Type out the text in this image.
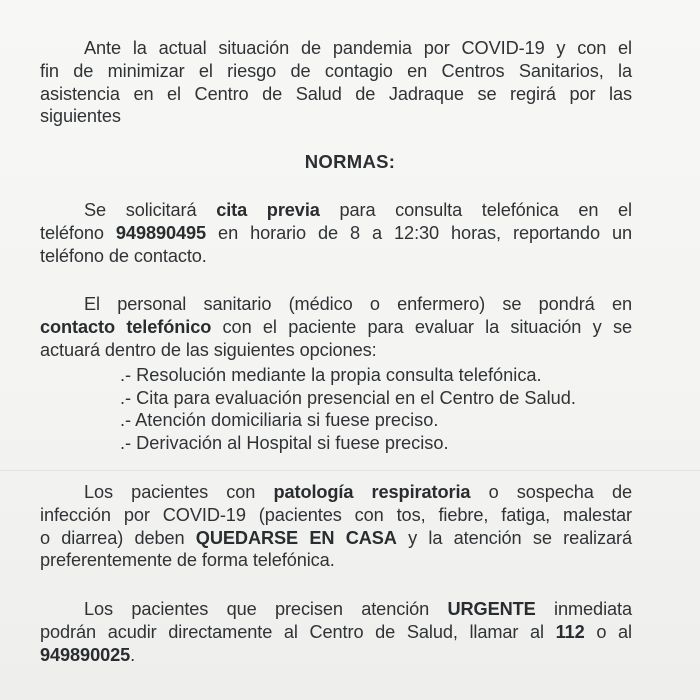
Ante la actual situación de pandemia por COVID-19 y con el
fin de minimizar el riesgo de contagio en Centros Sanitarios, la
asistencia en el Centro de Salud de Jadraque se regirá por las
siguientes

NORMAS:

Se solicitará cita previa para consulta telefónica en el
teléfono 949890495 en horario de 8 a 12:30 horas, reportando un
teléfono de contacto.

El personal sanitario (médico o enfermero) se pondrá en
contacto telefónico con el paciente para evaluar la situación y se
actuará dentro de las siguientes opciones:

.- Resolución mediante la propia consulta telefónica.
.- Cita para evaluación presencial en el Centro de Salud.
.- Atención domiciliaria si fuese preciso.
.- Derivación al Hospital si fuese preciso.

Los pacientes con patología respiratoria o sospecha de
infección por COVID-19 (pacientes con tos, fiebre, fatiga, malestar
o diarrea) deben QUEDARSE EN CASA y la atención se realizará
preferentemente de forma telefónica.

Los pacientes que precisen atención URGENTE inmediata
podrán acudir directamente al Centro de Salud, llamar al 112 o al
949890025.
